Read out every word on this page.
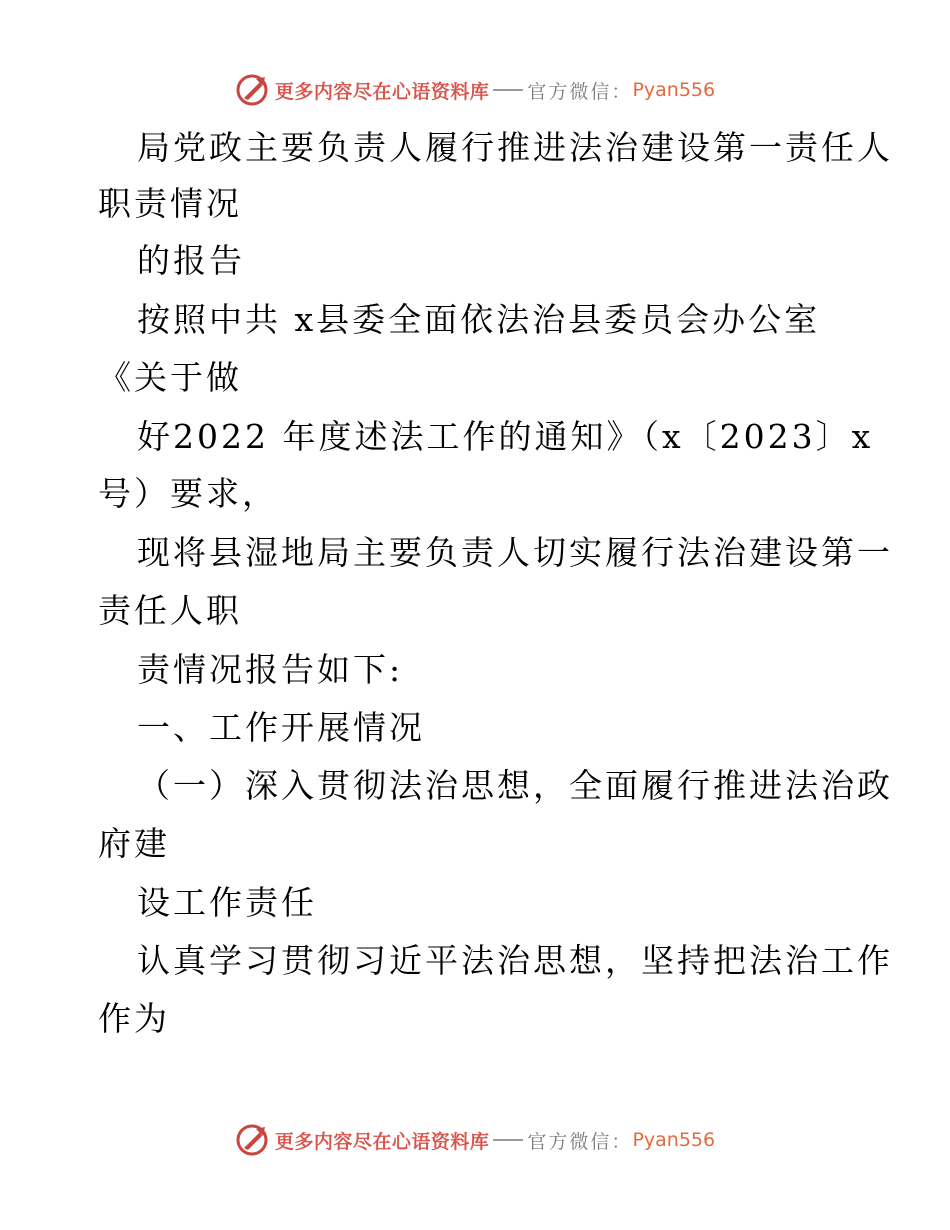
更多内容尽在心语资料库 官方微信： Pyan556
局党政主要负责人履行推进法治建设第一责任人
职责情况
的报告
按照中共 x县委全面依法治县委员会办公室
《关于做
好2022 年度述法工作的通知》（x〔2023〕x
号）要求，
现将县湿地局主要负责人切实履行法治建设第一
责任人职
责情况报告如下:
一、工作开展情况
（一）深入贯彻法治思想，全面履行推进法治政
府建
设工作责任
认真学习贯彻习近平法治思想，坚持把法治工作
作为
更多内容尽在心语资料库 官方微信： Pyan556
